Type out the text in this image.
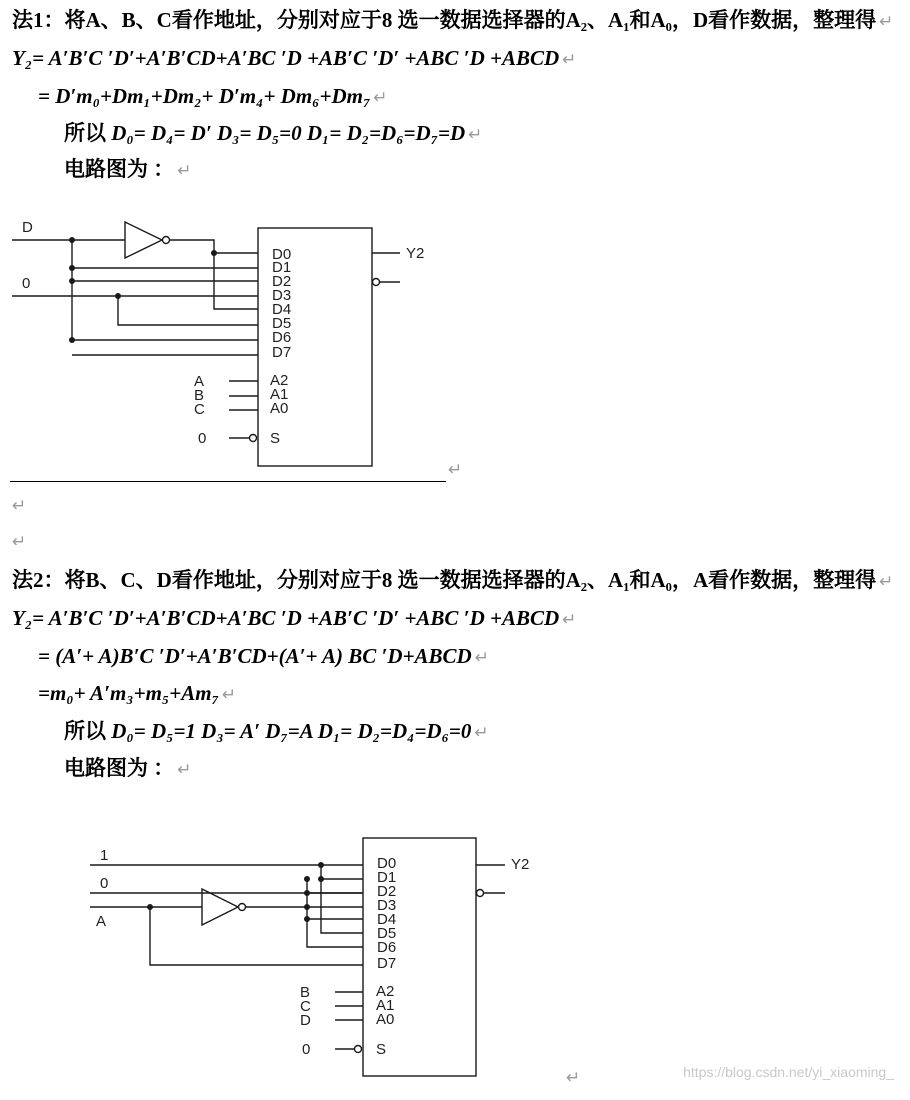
法1：将A、B、C看作地址，分别对应于8 选一数据选择器的A₂、A₁和A₀，D看作数据，整理得 ↵
Y₂= A′B′C ′D′+A′B′CD+A′BC ′D +AB′C ′D′ +ABC ′D +ABCD ↵
= D′m₀+Dm₁+Dm₂+ D′m₄+ Dm₆+Dm₇ ↵
所以 D₀= D₄= D′ D₃= D₅=0 D₁= D₂=D₆=D₇=D ↵
电路图为 ： ↵
D
0
D0
D1
D2
D3
D4
D5
D6
D7
A
B
C
A2
A1
A0
0	S
Y2
↵
↵
↵
法2：将B、C、D看作地址，分别对应于8 选一数据选择器的A₂、A₁和A₀，A看作数据，整理得 ↵
Y₂= A′B′C ′D′+A′B′CD+A′BC ′D +AB′C ′D′ +ABC ′D +ABCD ↵
= (A′+ A)B′C ′D′+A′B′CD+(A′+ A) BC ′D+ABCD ↵
=m₀+ A′m₃+m₅+Am₇ ↵
所以 D₀= D₅=1 D₃= A′ D₇=A D₁= D₂=D₄=D₆=0 ↵
电路图为 ： ↵
1
0
A
D0
D1
D2
D3
D4
D5
D6
D7
B
C
D
A2
A1
A0
0	S
Y2
↵	https://blog.csdn.net/yi_xiaoming_
